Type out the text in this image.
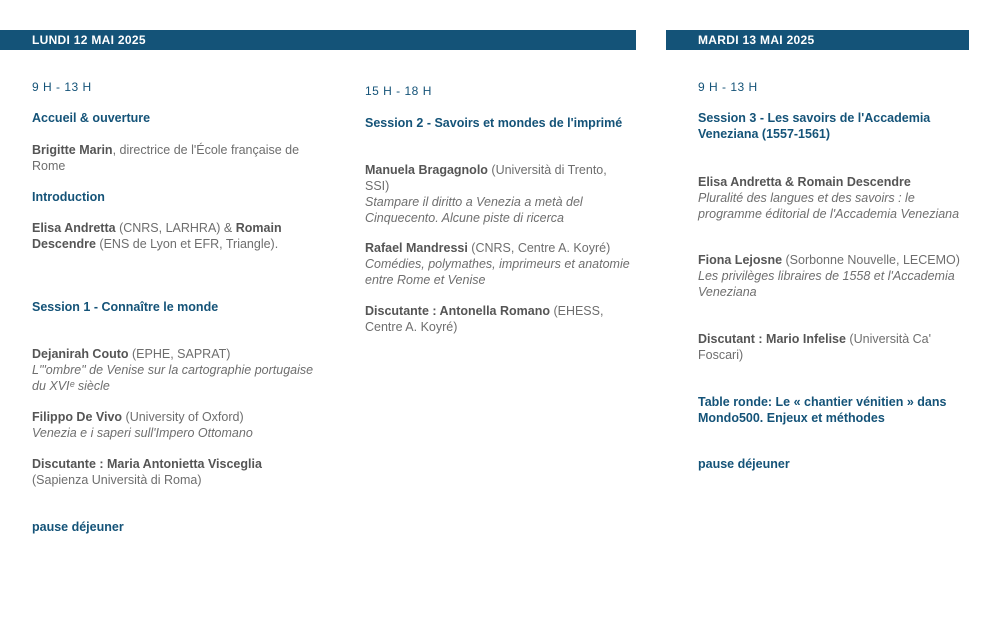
LUNDI 12 MAI 2025	MARDI 13 MAI 2025
9 H - 13 H
Accueil & ouverture
Brigitte Marin, directrice de l'École française de Rome
Introduction
Elisa Andretta (CNRS, LARHRA) & Romain Descendre (ENS de Lyon et EFR, Triangle).
Session 1 - Connaître le monde
Dejanirah Couto (EPHE, SAPRAT)
L'"ombre" de Venise sur la cartographie portugaise du XVIᵉ siècle
Filippo De Vivo (University of Oxford)
Venezia e i saperi sull'Impero Ottomano
Discutante : Maria Antonietta Visceglia (Sapienza Università di Roma)
pause déjeuner
15 H - 18 H
Session 2 - Savoirs et mondes de l'imprimé
Manuela Bragagnolo (Università di Trento, SSI)
Stampare il diritto a Venezia a metà del Cinquecento. Alcune piste di ricerca
Rafael Mandressi (CNRS, Centre A. Koyré)
Comédies, polymathes, imprimeurs et anatomie entre Rome et Venise
Discutante : Antonella Romano (EHESS, Centre A. Koyré)
9 H - 13 H
Session 3 - Les savoirs de l'Accademia Veneziana (1557-1561)
Elisa Andretta & Romain Descendre
Pluralité des langues et des savoirs : le programme éditorial de l'Accademia Veneziana
Fiona Lejosne (Sorbonne Nouvelle, LECEMO)
Les privilèges libraires de 1558 et l'Accademia Veneziana
Discutant : Mario Infelise (Università Ca' Foscari)
Table ronde: Le « chantier vénitien » dans Mondo500. Enjeux et méthodes
pause déjeuner
